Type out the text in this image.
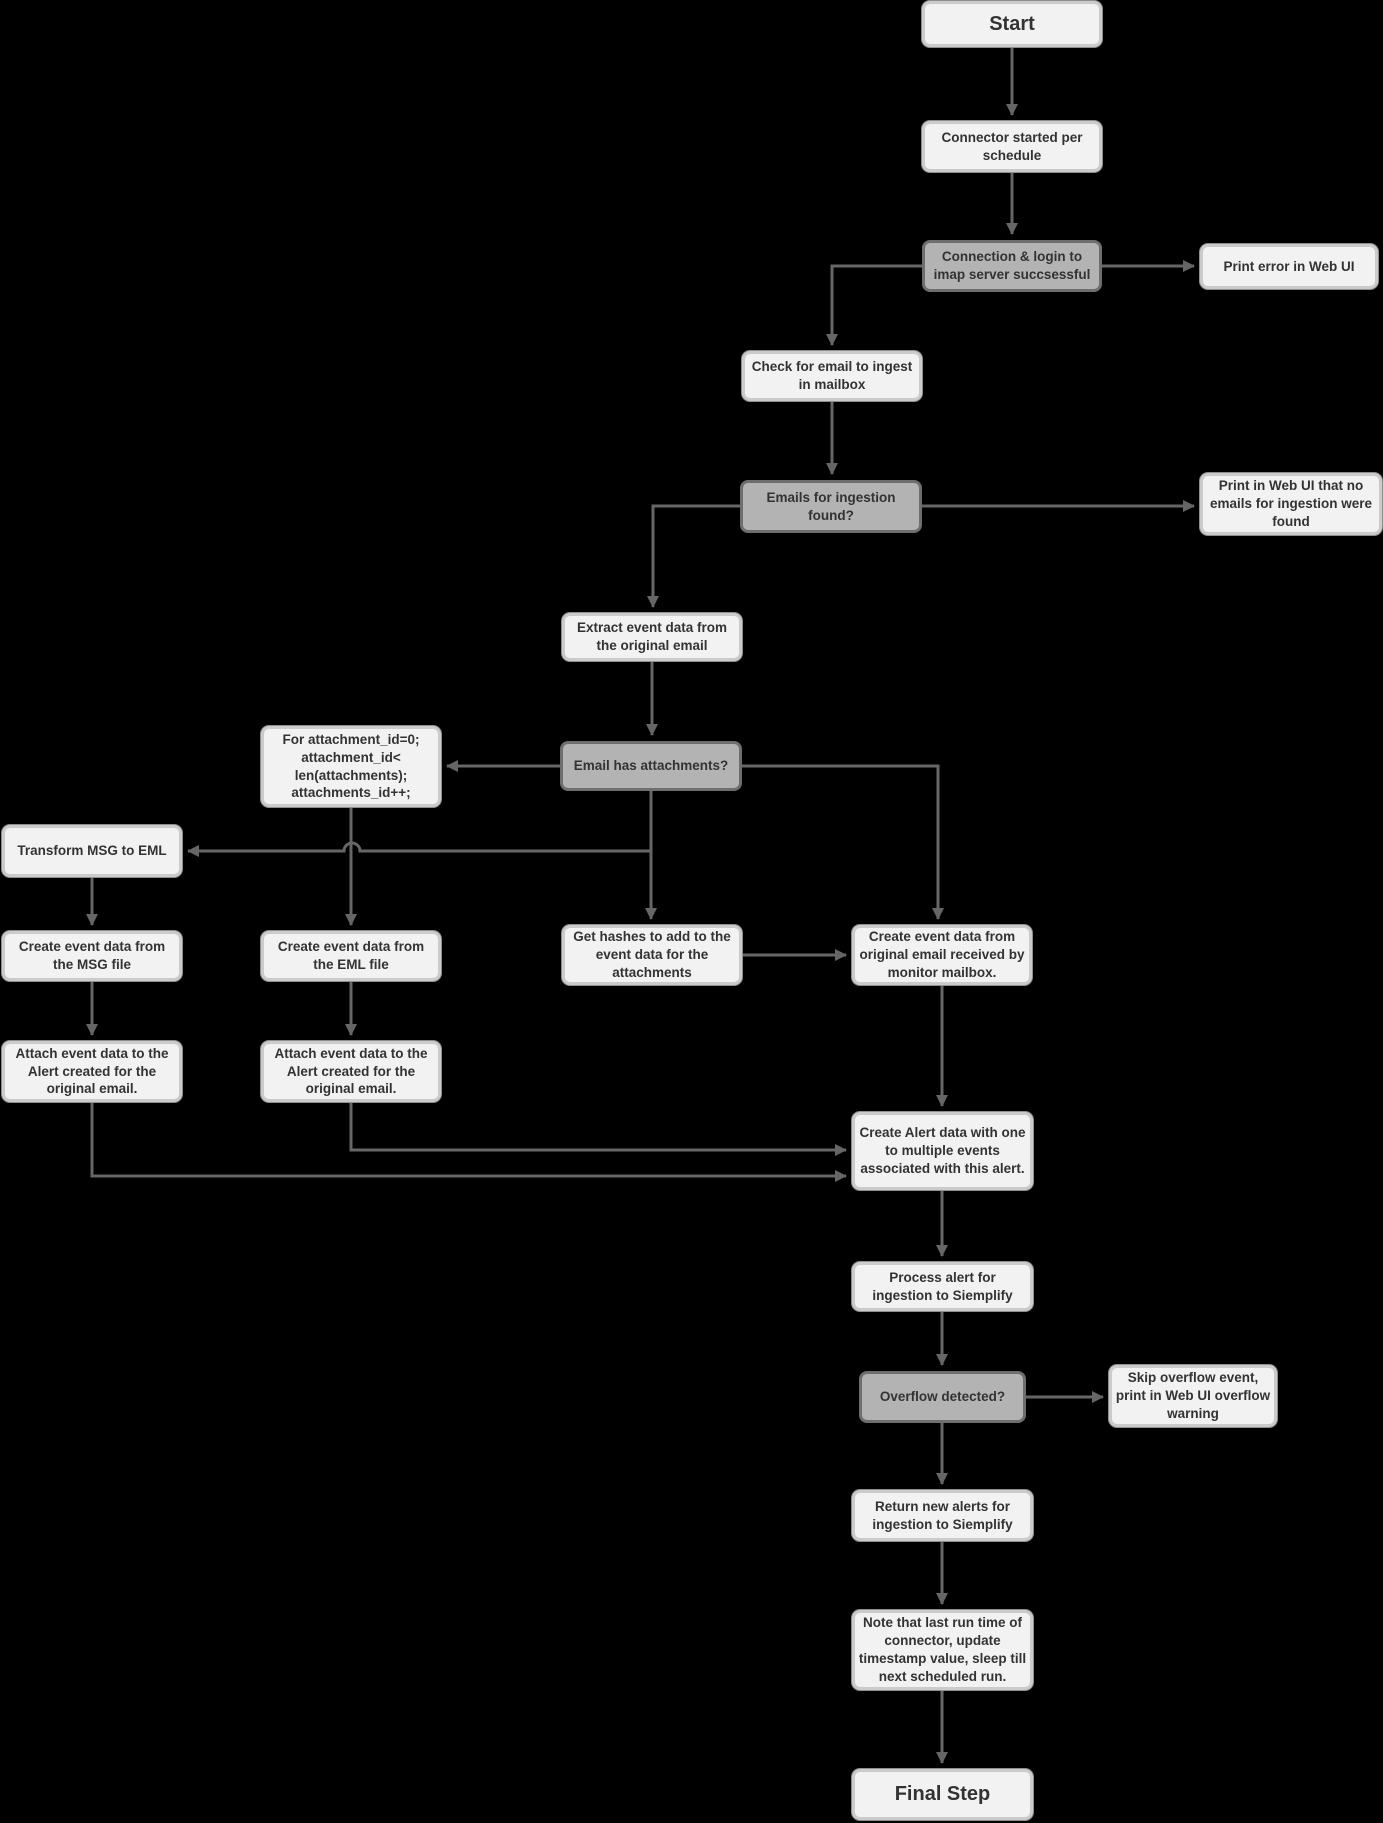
Start
Connector started per schedule
Connection & login to imap server succsessful
Print error in Web UI
Check for email to ingest in mailbox
Emails for ingestion found?
Print in Web UI that no emails for ingestion were found
Extract event data from the original email
For attachment_id=0; attachment_id< len(attachments); attachments_id++;
Email has attachments?
Transform MSG to EML
Create event data from the MSG file
Create event data from the EML file
Get hashes to add to the event data for the attachments
Create event data from original email received by monitor mailbox.
Attach event data to the Alert created for the original email.
Attach event data to the Alert created for the original email.
Create Alert data with one to multiple events associated with this alert.
Process alert for ingestion to Siemplify
Overflow detected?
Skip overflow event, print in Web UI overflow warning
Return new alerts for ingestion to Siemplify
Note that last run time of connector, update timestamp value, sleep till next scheduled run.
Final Step
